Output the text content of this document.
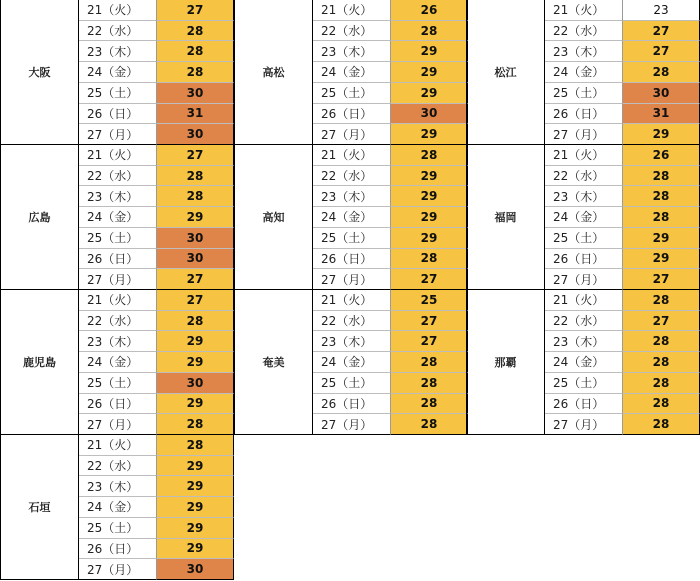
大阪
21（火）	27
22（水）	28
23（木）	28
24（金）	28
25（土）	30
26（日）	31
27（月）	30
高松
21（火）	26
22（水）	28
23（木）	29
24（金）	29
25（土）	29
26（日）	30
27（月）	29
松江
21（火）	23
22（水）	27
23（木）	27
24（金）	28
25（土）	30
26（日）	31
27（月）	29
広島
21（火）	27
22（水）	28
23（木）	28
24（金）	29
25（土）	30
26（日）	30
27（月）	27
高知
21（火）	28
22（水）	29
23（木）	29
24（金）	29
25（土）	29
26（日）	28
27（月）	27
福岡
21（火）	26
22（水）	28
23（木）	28
24（金）	28
25（土）	29
26（日）	29
27（月）	27
鹿児島
21（火）	27
22（水）	28
23（木）	29
24（金）	29
25（土）	30
26（日）	29
27（月）	28
奄美
21（火）	25
22（水）	27
23（木）	27
24（金）	28
25（土）	28
26（日）	28
27（月）	28
那覇
21（火）	28
22（水）	27
23（木）	28
24（金）	28
25（土）	28
26（日）	28
27（月）	28
石垣
21（火）	28
22（水）	29
23（木）	29
24（金）	29
25（土）	29
26（日）	29
27（月）	30
